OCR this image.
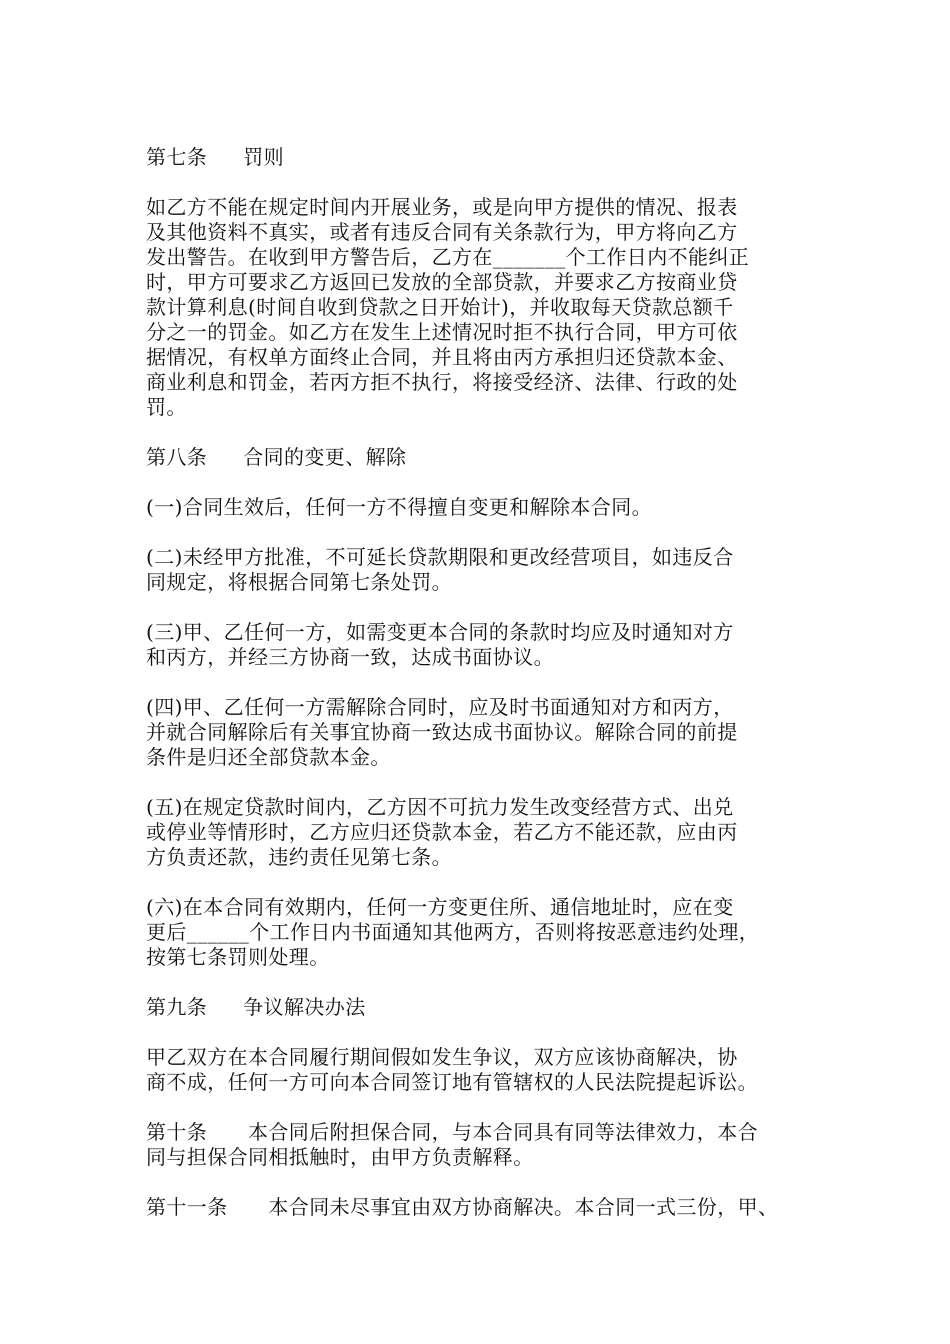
第七条 罚则
如乙方不能在规定时间内开展业务，或是向甲方提供的情况、报表
及其他资料不真实，或者有违反合同有关条款行为，甲方将向乙方
发出警告。在收到甲方警告后，乙方在_______个工作日内不能纠正
时，甲方可要求乙方返回已发放的全部贷款，并要求乙方按商业贷
款计算利息(时间自收到贷款之日开始计)，并收取每天贷款总额千
分之一的罚金。如乙方在发生上述情况时拒不执行合同，甲方可依
据情况，有权单方面终止合同，并且将由丙方承担归还贷款本金、
商业利息和罚金，若丙方拒不执行，将接受经济、法律、行政的处
罚。
第八条 合同的变更、解除
(一)合同生效后，任何一方不得擅自变更和解除本合同。
(二)未经甲方批准，不可延长贷款期限和更改经营项目，如违反合
同规定，将根据合同第七条处罚。
(三)甲、乙任何一方，如需变更本合同的条款时均应及时通知对方
和丙方，并经三方协商一致，达成书面协议。
(四)甲、乙任何一方需解除合同时，应及时书面通知对方和丙方，
并就合同解除后有关事宜协商一致达成书面协议。解除合同的前提
条件是归还全部贷款本金。
(五)在规定贷款时间内，乙方因不可抗力发生改变经营方式、出兑
或停业等情形时，乙方应归还贷款本金，若乙方不能还款，应由丙
方负责还款，违约责任见第七条。
(六)在本合同有效期内，任何一方变更住所、通信地址时，应在变
更后______个工作日内书面通知其他两方，否则将按恶意违约处理，
按第七条罚则处理。
第九条 争议解决办法
甲乙双方在本合同履行期间假如发生争议，双方应该协商解决，协
商不成，任何一方可向本合同签订地有管辖权的人民法院提起诉讼。
第十条　　本合同后附担保合同，与本合同具有同等法律效力，本合
同与担保合同相抵触时，由甲方负责解释。
第十一条　　本合同未尽事宜由双方协商解决。本合同一式三份，甲、
